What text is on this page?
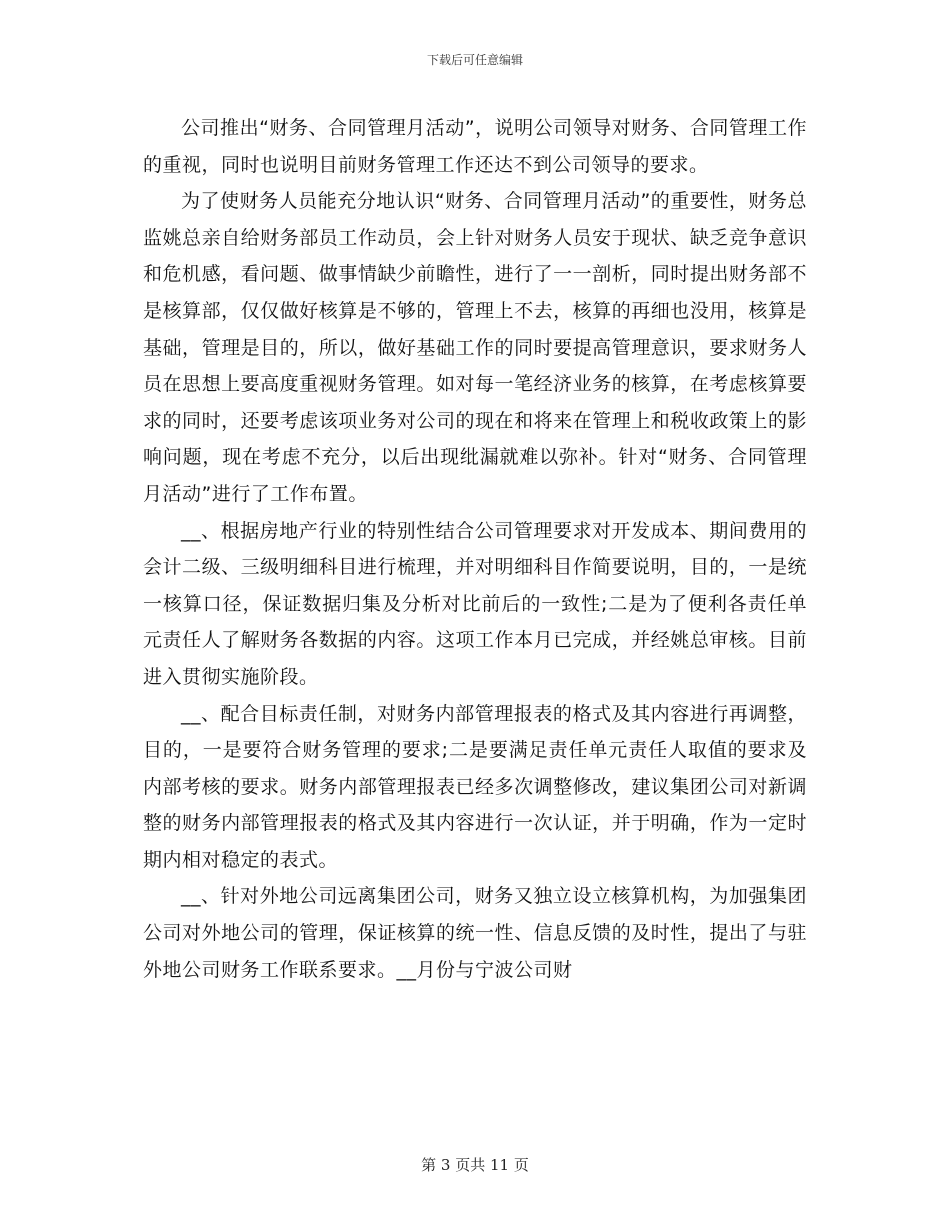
下载后可任意编辑

公司推出“财务、合同管理月活动”，说明公司领导对财务、合同管理工作的重视，同时也说明目前财务管理工作还达不到公司领导的要求。

为了使财务人员能充分地认识“财务、合同管理月活动”的重要性，财务总监姚总亲自给财务部员工作动员，会上针对财务人员安于现状、缺乏竞争意识和危机感，看问题、做事情缺少前瞻性，进行了一一剖析，同时提出财务部不是核算部，仅仅做好核算是不够的，管理上不去，核算的再细也没用，核算是基础，管理是目的，所以，做好基础工作的同时要提高管理意识，要求财务人员在思想上要高度重视财务管理。如对每一笔经济业务的核算，在考虑核算要求的同时，还要考虑该项业务对公司的现在和将来在管理上和税收政策上的影响问题，现在考虑不充分，以后出现纰漏就难以弥补。针对“财务、合同管理月活动”进行了工作布置。

__、根据房地产行业的特别性结合公司管理要求对开发成本、期间费用的会计二级、三级明细科目进行梳理，并对明细科目作简要说明，目的，一是统一核算口径，保证数据归集及分析对比前后的一致性;二是为了便利各责任单元责任人了解财务各数据的内容。这项工作本月已完成，并经姚总审核。目前进入贯彻实施阶段。

__、配合目标责任制，对财务内部管理报表的格式及其内容进行再调整，目的，一是要符合财务管理的要求;二是要满足责任单元责任人取值的要求及内部考核的要求。财务内部管理报表已经多次调整修改，建议集团公司对新调整的财务内部管理报表的格式及其内容进行一次认证，并于明确，作为一定时期内相对稳定的表式。

__、针对外地公司远离集团公司，财务又独立设立核算机构，为加强集团公司对外地公司的管理，保证核算的统一性、信息反馈的及时性，提出了与驻外地公司财务工作联系要求。__月份与宁波公司财

第 3 页共 11 页
